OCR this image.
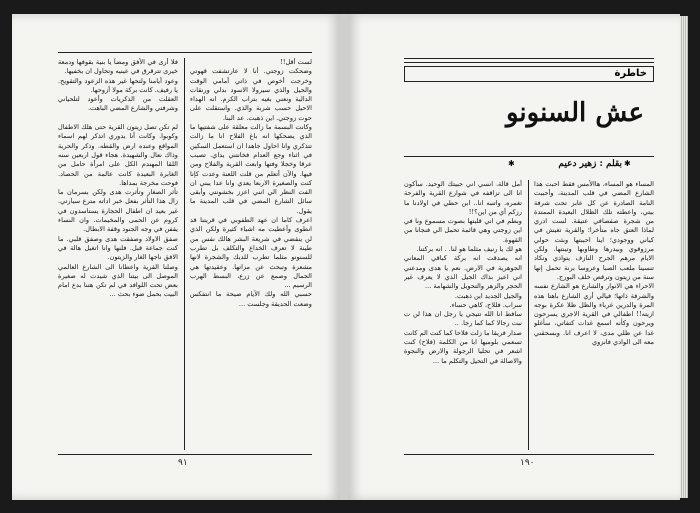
لست أقل!!
وضحكت زوجتي. أنا لا عارتشفت قهوتي وخرجت أخوص في ذاتي أمامي الوقت والحيل والذي سيرولا الاسود بدلي ورنقات الدالية ونعني بغيه بتراب الكرم. انه الهداء الاحيل حسب شربة والذي. واستقلت على حوت زوجتي. اين ذهبت. عد البنا.
وكانت البسمة ما زالت معلقة على شفتيها ما الذي يضحكها انه باغ الفلاح انا ما زالت تتذكري وانا احاول جاهدا ان استعمل السكين في اثناء وجع العدام فخانتني يداي. تصبب عرقا وخجلا وفتها وابعث القرية والفلاح ومن فيها. والآن أتعلم من قلت اللعنة وعدت كإنا كنت والصغيرة الاربعا يعدي وانا عدا يبني ان الفت النظر الي انني اعزز بخشونتي وأبقى سائل الشارع المضي في قلب المدينة ما يقول.
اعرف كاما ان عهد الطفوبي في قريتنا قد انطوى وأعطيت مه اشياء كثيرة ولكن الذي لن ينقضي في شريعة البشر هالك نفس من طينة لا تعرف الخداع والتكلف بل تطرب للسنونو مثلما تطرب للديك والشجرة لانها مشعرة وتبحث عن مزاتها. وعقيدتها هي الجمال وصمع عن زرع، البسط الهرب الرسيم ...
حسبي الله ولك الآيام صيحة ما انتفكس وضعت الحديقة وجلست ...
فلا أرى في الأفق ومضاً يا بنية بقوفها ودمعة خيرى تترقرق في عينيه وتحاول ان يخفيها.
وعود أيامنا ولتحها غير هذه الزعود والتقويح. يا رفيف. كانت بركة مولا أزوحها.
العقلت من الذكريات وأعود لتلحياني وشرفتي والشارع المضي الباهت.

لم تكن تصل زيتون القرية حتى هلك الاطفال وكوبوا. وكانت أنا يدوري اتذكر لهم اسماء المواقع وعنده ارض والقطه. وذكر والحرية وذاك نعال والشهيدة. هجاء قول اربعين سنه اللقا المهندم الكل على امرأة حامل من الغابرة البعيدة كانت عالمة من الحصاد. فوحت مخرجة بمداها.
تأثر الصغار وتأثرت هدى ولكن بسرمان ما زال هذا التأثر بفعل خبر اداته مترع سيارتي. غير بعيد ان اطفال الحجارة يستاسدون في كروم عن الحمى والمخيمات. وان النساء يقفن في وجه الجنود وقفة الابطال.
صفق الاولاد وصفقت هدى وصفق قلبي. ما كنت جماعة قبل. فلنها وانا اتغيل هالة في الافق ناجها الغار والزيتون.
وصلنا القرية واعطانا الى الشارع العالمي الموصل الى بيتنا الذي شيدت له صغيرة بعض تحت اللوافد في لم تكن هتنا بدع امام البيت بحمل ضوء بحث ...
٩١
خاطرة
عش السنونو
✱
بقلم : زهير دعيم
✱
المساء هو المساء، هاالأمس فقط احبت هذا الشارع المضي في قلب المدينة، وأحببت النامة الصادرة عن كل عابر تحت شرفة بيتي، واعطته تلك الظلال البعيدة الممتدة من شجرة صفصافي عتيقة. لست ادري لماذا العتق جاه متأخرا؛ والقرية تعيش في كياني ووجودي؛ اينا احببتها وبثت حولي مرزوقوي وبيدرها وطاوبها وتينتها. ولكن الايام مرهم الجرح النازف يتوادي وتكاد تنسينا ملعب الصبا وعروسا برنة تحمل إنها سنة من زيتون وترقص خلف البورج.
الاحراء هي الانوار والشارع هو الشارع نفسه والشرفة ذاتها؛ فيالي أري الشارع باهتا هذه المرة والدرين غرباء والظل ظلا عكرة بوجه ازيته!! اطفالي في القرية الاجري يسرحون ويرحون وكأنه اسمع غدات كتفاتي، سأغلو غدا عن ظلي مدى، لا اعرف انا. وبسحقني معه الى الوادي فانزوي
أمل قالة. انسي اني حبيتك الوحيد. سأكون انا الى تزاقفه في شوارع القرية والفرحة تغمره. واتنبه انا.. ابن حطي في اولادنا ما رزكم أي من اين؟!!
وبطم في اني قلبتها بصوت مسموع ونا في اين زوجتي وهي قائمة تحمل الي فنجانا من القهوة.
هو لك يا رنيف مثلما هو لنا. . انه بركتنا.
انه يصدقت انه بركة كباقي المعاني الجوهرية في الارض. نعم يا هدى ومدعني اني اعيز بذاك الجيل الذي لا يعرف غير الحجر والزهر والتحويل والشهامة ...
والجيل الجديد اين ذهبت.
سراب. فللاح، كاهي حساء.
سافط انا الله تتيجي يا رجل ان هذا لن ت نبت رجالا كما كما رجا. ..
صدار فريقا ما زلت فلاحا كما كنت الم كانت تسعمي بلوميها ابا من الكلمة (فلاح) كنت اشعر في تحليا الرجولة والارض والنجوة والاصالة في التحيل والتكلم ما ...
١٩٠
